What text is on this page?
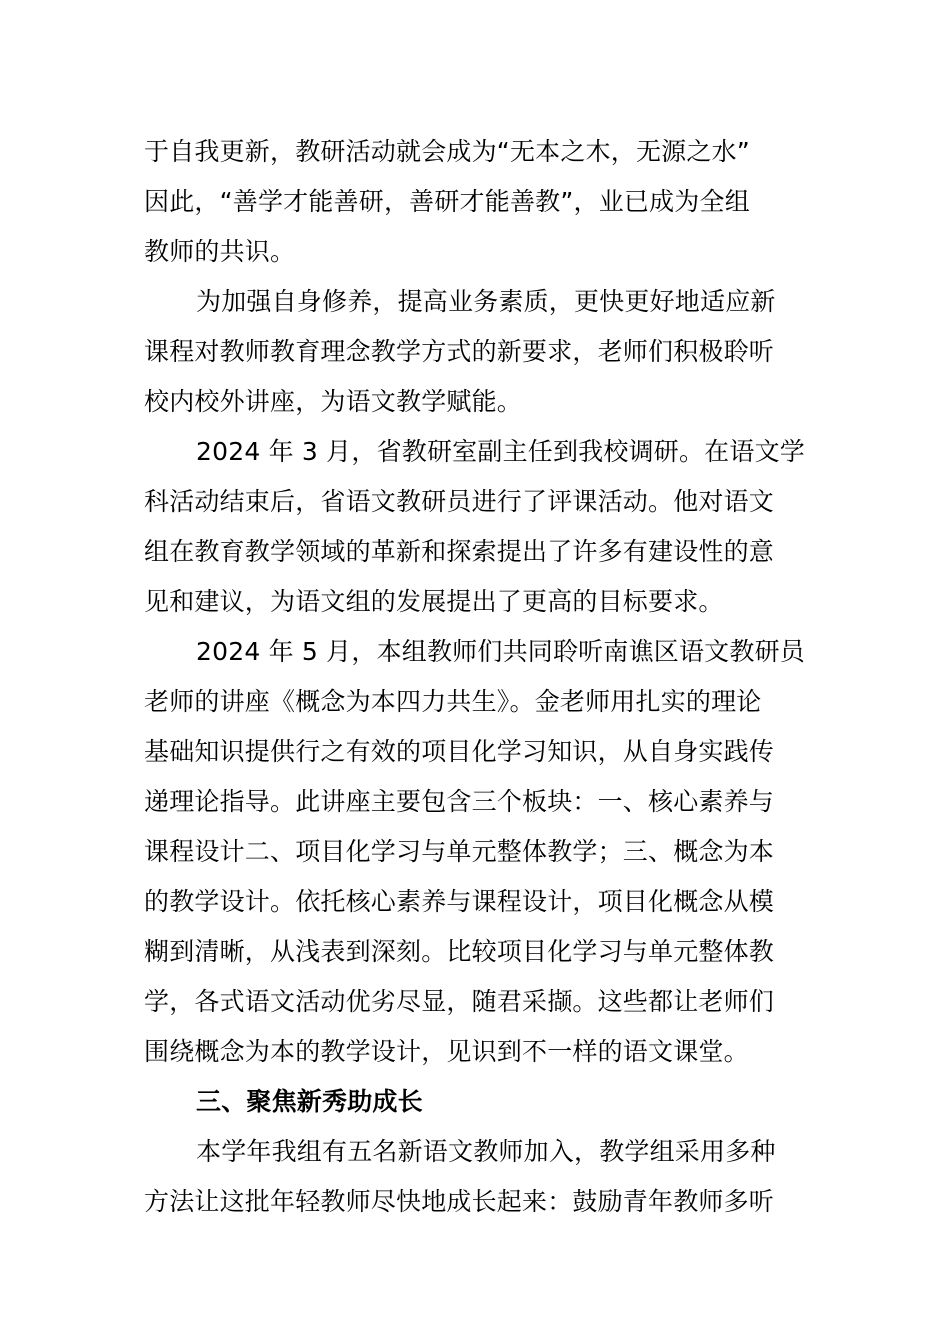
于自我更新，教研活动就会成为“无本之木，无源之水”
因此，“善学才能善研，善研才能善教”，业已成为全组
教师的共识。
为加强自身修养，提高业务素质，更快更好地适应新
课程对教师教育理念教学方式的新要求，老师们积极聆听
校内校外讲座，为语文教学赋能。
2024 年 3 月，省教研室副主任到我校调研。在语文学
科活动结束后，省语文教研员进行了评课活动。他对语文
组在教育教学领域的革新和探索提出了许多有建设性的意
见和建议，为语文组的发展提出了更高的目标要求。
2024 年 5 月，本组教师们共同聆听南谯区语文教研员
老师的讲座《概念为本四力共生》。金老师用扎实的理论
基础知识提供行之有效的项目化学习知识，从自身实践传
递理论指导。此讲座主要包含三个板块：一、核心素养与
课程设计二、项目化学习与单元整体教学；三、概念为本
的教学设计。依托核心素养与课程设计，项目化概念从模
糊到清晰，从浅表到深刻。比较项目化学习与单元整体教
学，各式语文活动优劣尽显，随君采撷。这些都让老师们
围绕概念为本的教学设计，见识到不一样的语文课堂。
三、聚焦新秀助成长
本学年我组有五名新语文教师加入，教学组采用多种
方法让这批年轻教师尽快地成长起来：鼓励青年教师多听
